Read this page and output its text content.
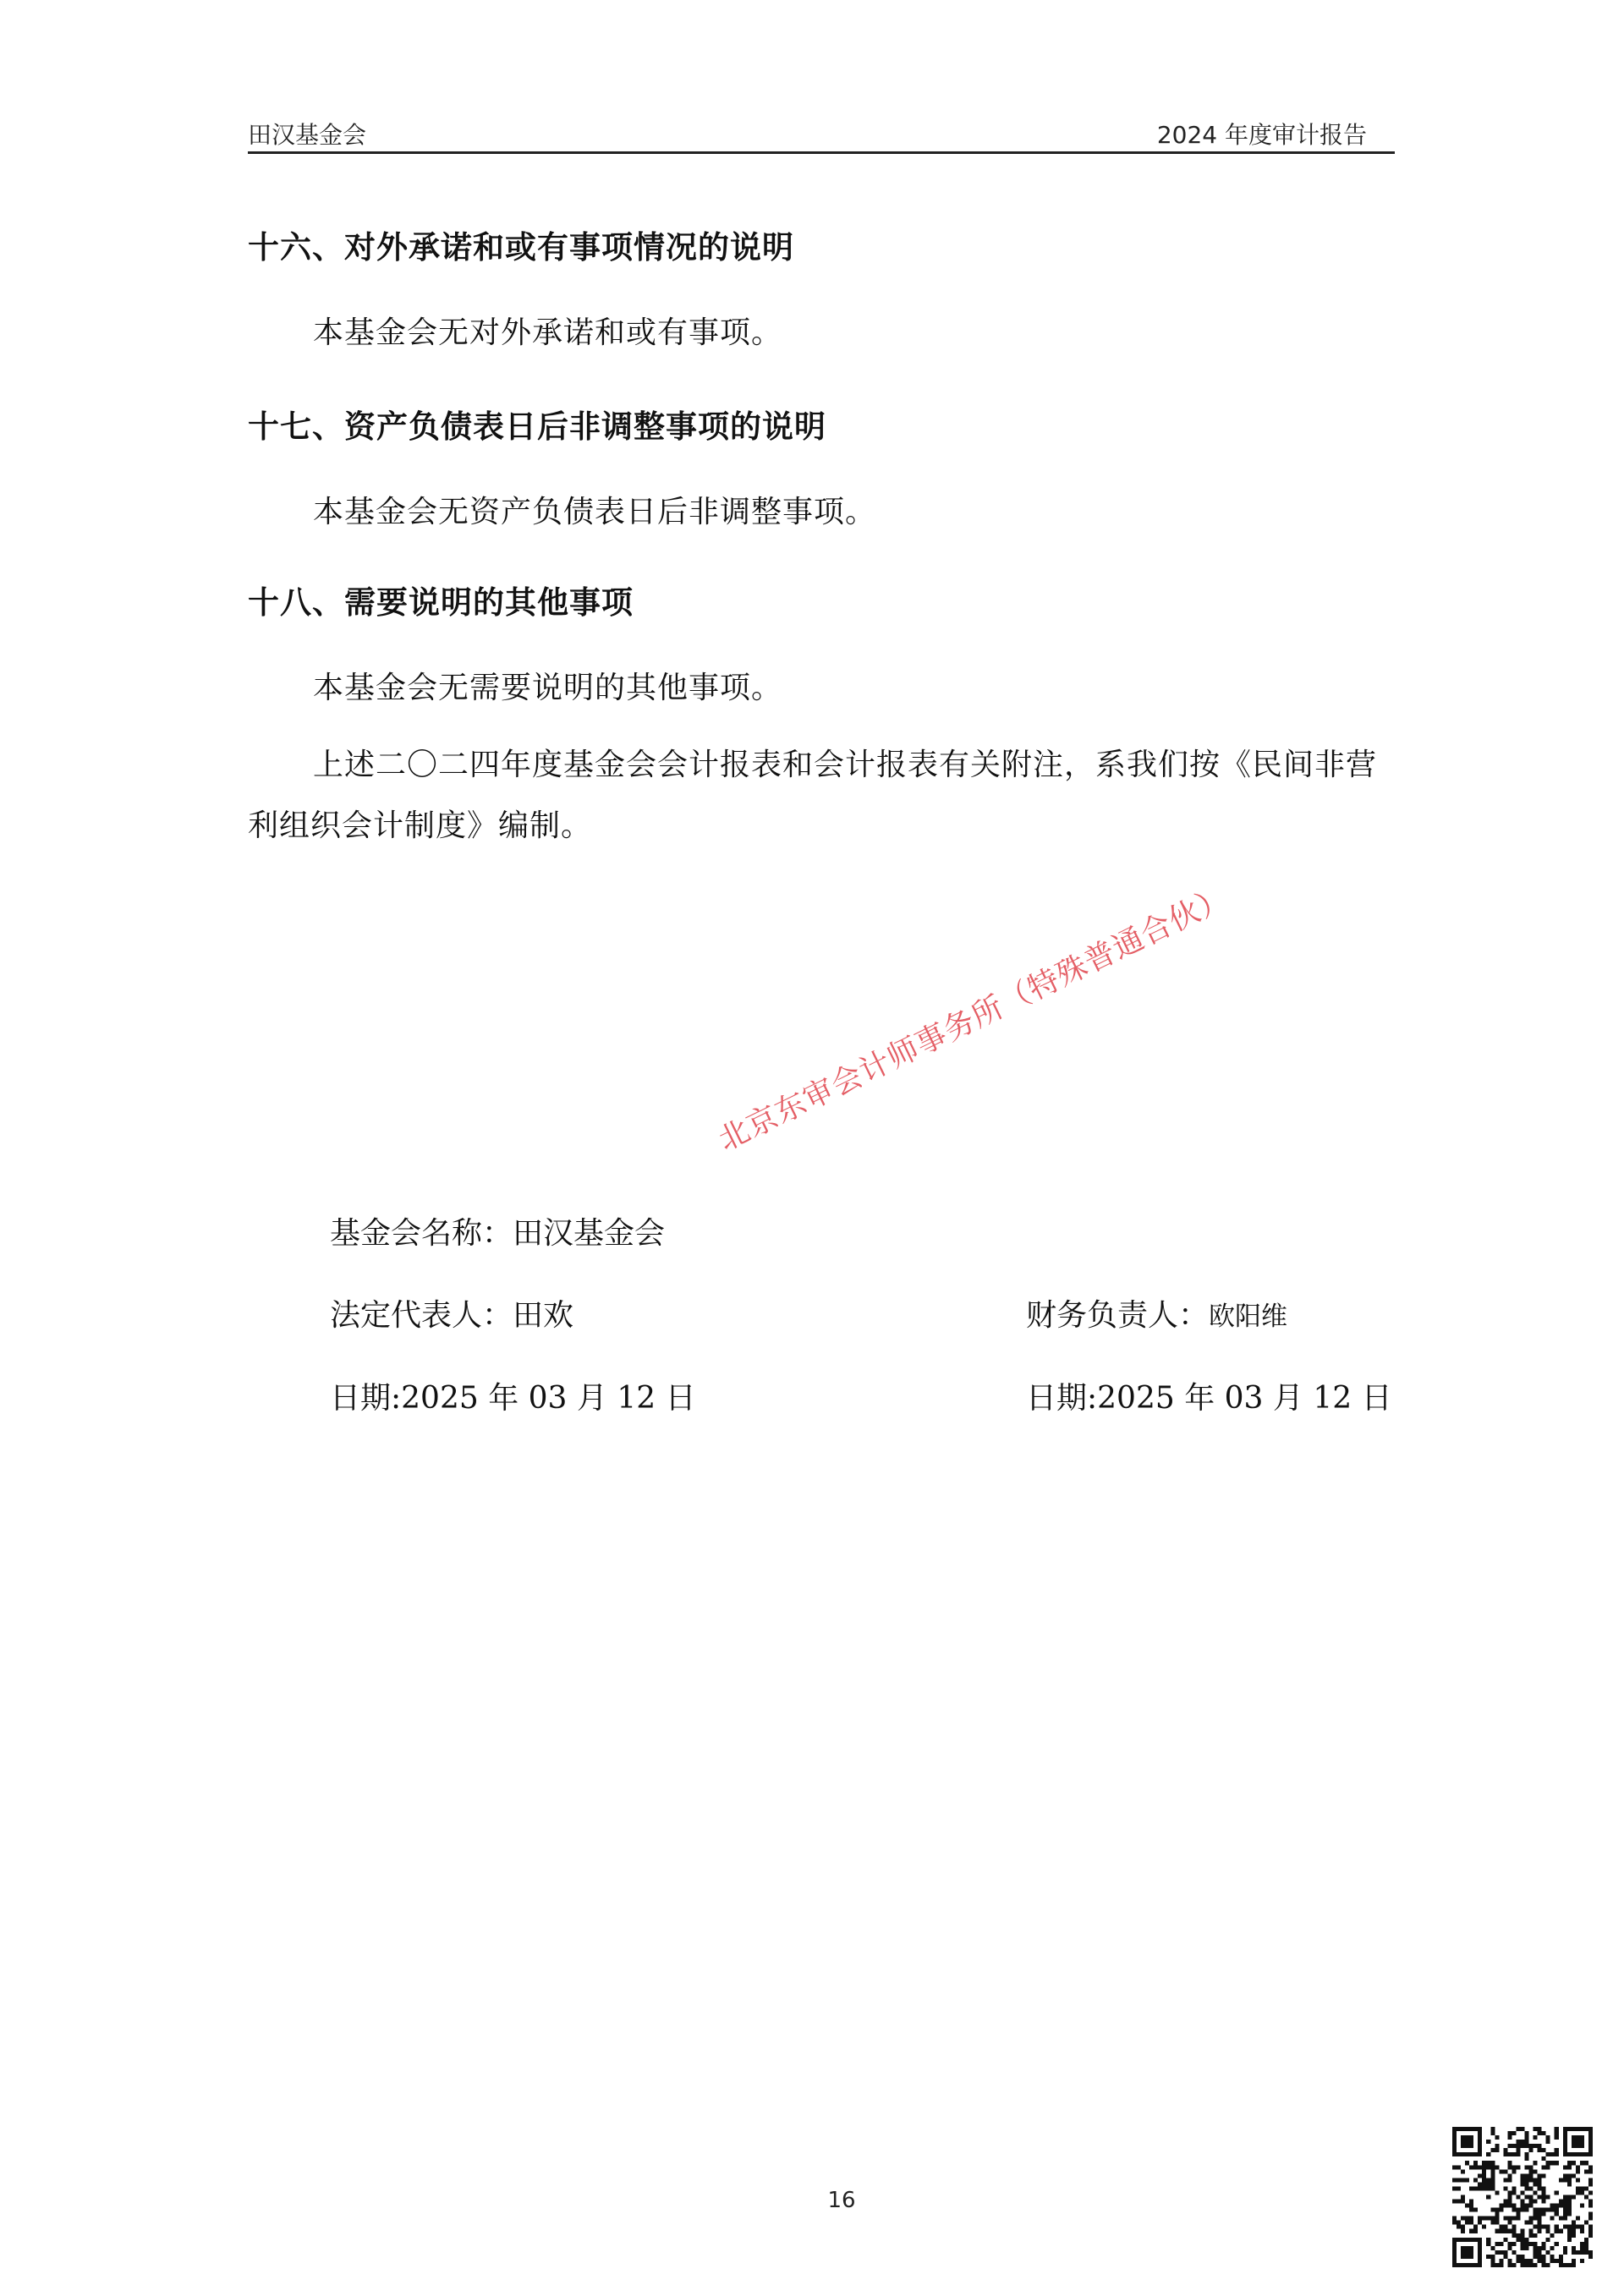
田汉基金会	2024 年度审计报告
十六、对外承诺和或有事项情况的说明
本基金会无对外承诺和或有事项。
十七、资产负债表日后非调整事项的说明
本基金会无资产负债表日后非调整事项。
十八、需要说明的其他事项
本基金会无需要说明的其他事项。
上述二〇二四年度基金会会计报表和会计报表有关附注，系我们按《民间非营利组织会计制度》编制。
北京东审会计师事务所（特殊普通合伙）
基金会名称：田汉基金会
法定代表人：田欢	财务负责人：欧阳维
日期:2025 年 03 月 12 日	日期:2025 年 03 月 12 日
16
